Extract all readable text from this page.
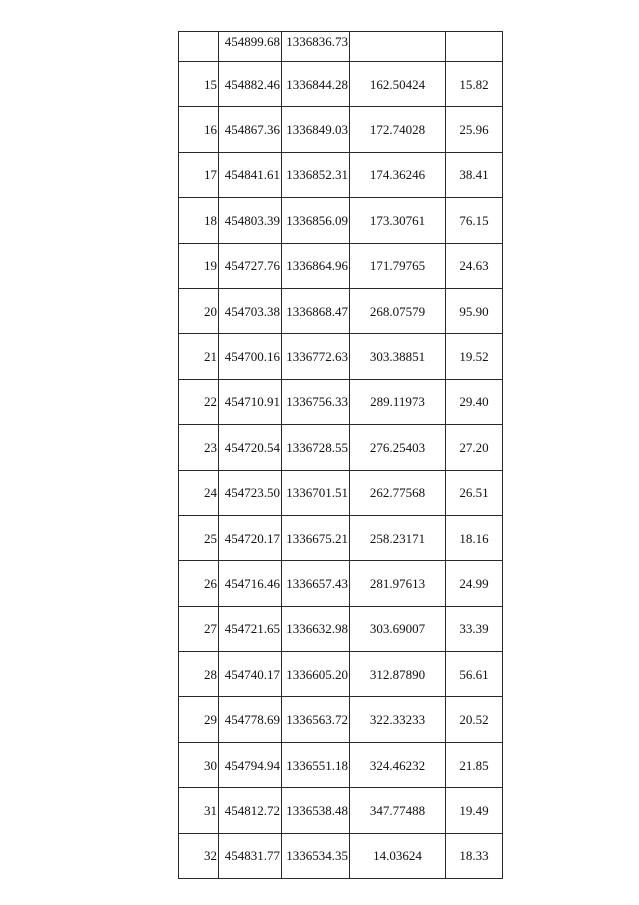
	454899.68	1336836.73		
15	454882.46	1336844.28	162.50424	15.82
16	454867.36	1336849.03	172.74028	25.96
17	454841.61	1336852.31	174.36246	38.41
18	454803.39	1336856.09	173.30761	76.15
19	454727.76	1336864.96	171.79765	24.63
20	454703.38	1336868.47	268.07579	95.90
21	454700.16	1336772.63	303.38851	19.52
22	454710.91	1336756.33	289.11973	29.40
23	454720.54	1336728.55	276.25403	27.20
24	454723.50	1336701.51	262.77568	26.51
25	454720.17	1336675.21	258.23171	18.16
26	454716.46	1336657.43	281.97613	24.99
27	454721.65	1336632.98	303.69007	33.39
28	454740.17	1336605.20	312.87890	56.61
29	454778.69	1336563.72	322.33233	20.52
30	454794.94	1336551.18	324.46232	21.85
31	454812.72	1336538.48	347.77488	19.49
32	454831.77	1336534.35	14.03624	18.33
